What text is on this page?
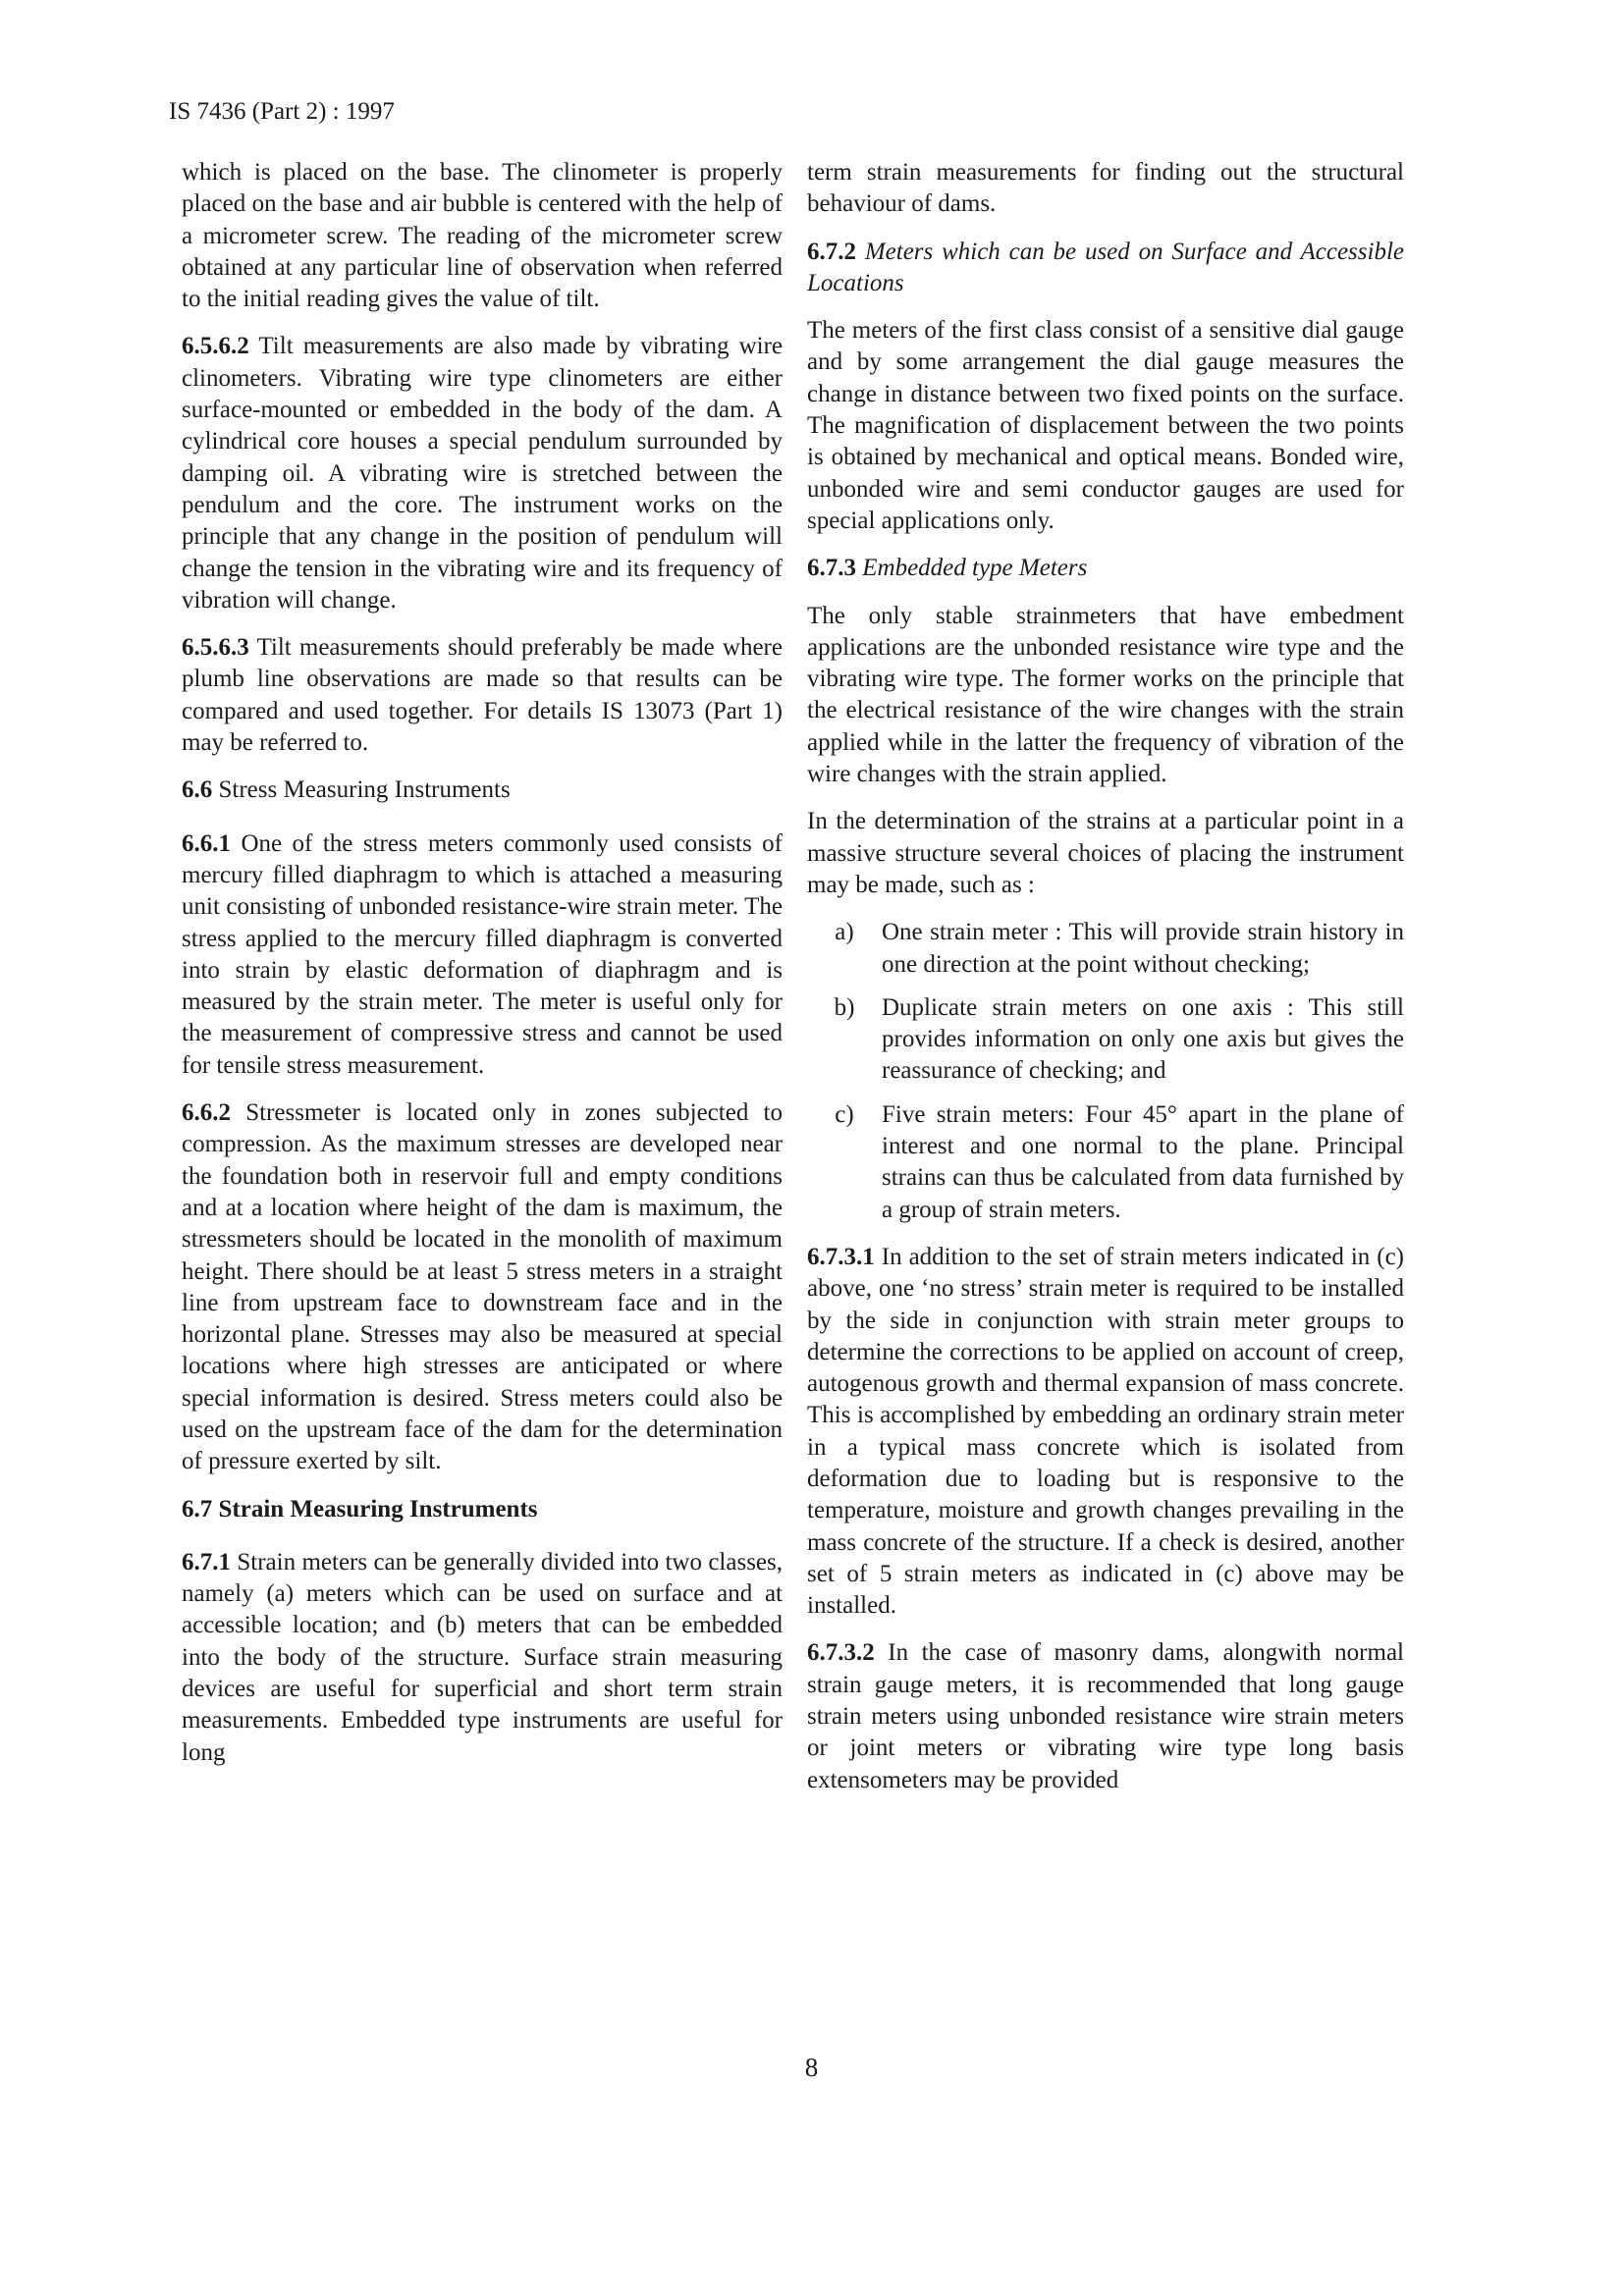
IS 7436 (Part 2) : 1997

which is placed on the base. The clinometer is properly placed on the base and air bubble is centered with the help of a micrometer screw. The reading of the micrometer screw obtained at any particular line of observation when referred to the initial reading gives the value of tilt.

6.5.6.2 Tilt measurements are also made by vibrating wire clinometers. Vibrating wire type clinometers are either surface-mounted or embedded in the body of the dam. A cylindrical core houses a special pendulum surrounded by damping oil. A vibrating wire is stretched between the pendulum and the core. The instrument works on the principle that any change in the position of pendulum will change the tension in the vibrating wire and its frequency of vibration will change.

6.5.6.3 Tilt measurements should preferably be made where plumb line observations are made so that results can be compared and used together. For details IS 13073 (Part 1) may be referred to.

6.6 Stress Measuring Instruments

6.6.1 One of the stress meters commonly used consists of mercury filled diaphragm to which is attached a measuring unit consisting of unbonded resistance-wire strain meter. The stress applied to the mercury filled diaphragm is converted into strain by elastic deformation of diaphragm and is measured by the strain meter. The meter is useful only for the measurement of compressive stress and cannot be used for tensile stress measurement.

6.6.2 Stressmeter is located only in zones subjected to compression. As the maximum stresses are developed near the foundation both in reservoir full and empty conditions and at a location where height of the dam is maximum, the stressmeters should be located in the monolith of maximum height. There should be at least 5 stress meters in a straight line from upstream face to downstream face and in the horizontal plane. Stresses may also be measured at special locations where high stresses are anticipated or where special information is desired. Stress meters could also be used on the upstream face of the dam for the determination of pressure exerted by silt.

6.7 Strain Measuring Instruments

6.7.1 Strain meters can be generally divided into two classes, namely (a) meters which can be used on surface and at accessible location; and (b) meters that can be embedded into the body of the structure. Surface strain measuring devices are useful for superficial and short term strain measurements. Embedded type instruments are useful for long

term strain measurements for finding out the structural behaviour of dams.

6.7.2 Meters which can be used on Surface and Accessible Locations

The meters of the first class consist of a sensitive dial gauge and by some arrangement the dial gauge measures the change in distance between two fixed points on the surface. The magnification of displacement between the two points is obtained by mechanical and optical means. Bonded wire, unbonded wire and semi conductor gauges are used for special applications only.

6.7.3 Embedded type Meters

The only stable strainmeters that have embedment applications are the unbonded resistance wire type and the vibrating wire type. The former works on the principle that the electrical resistance of the wire changes with the strain applied while in the latter the frequency of vibration of the wire changes with the strain applied.

In the determination of the strains at a particular point in a massive structure several choices of placing the instrument may be made, such as :

a)	One strain meter : This will provide strain history in one direction at the point without checking;
b)	Duplicate strain meters on one axis : This still provides information on only one axis but gives the reassurance of checking; and
c)	Five strain meters: Four 45° apart in the plane of interest and one normal to the plane. Principal strains can thus be calculated from data furnished by a group of strain meters.

6.7.3.1 In addition to the set of strain meters indicated in (c) above, one ‘no stress’ strain meter is required to be installed by the side in conjunction with strain meter groups to determine the corrections to be applied on account of creep, autogenous growth and thermal expansion of mass concrete. This is accomplished by embedding an ordinary strain meter in a typical mass concrete which is isolated from deformation due to loading but is responsive to the temperature, moisture and growth changes prevailing in the mass concrete of the structure. If a check is desired, another set of 5 strain meters as indicated in (c) above may be installed.

6.7.3.2 In the case of masonry dams, alongwith normal strain gauge meters, it is recommended that long gauge strain meters using unbonded resistance wire strain meters or joint meters or vibrating wire type long basis extensometers may be provided

8
